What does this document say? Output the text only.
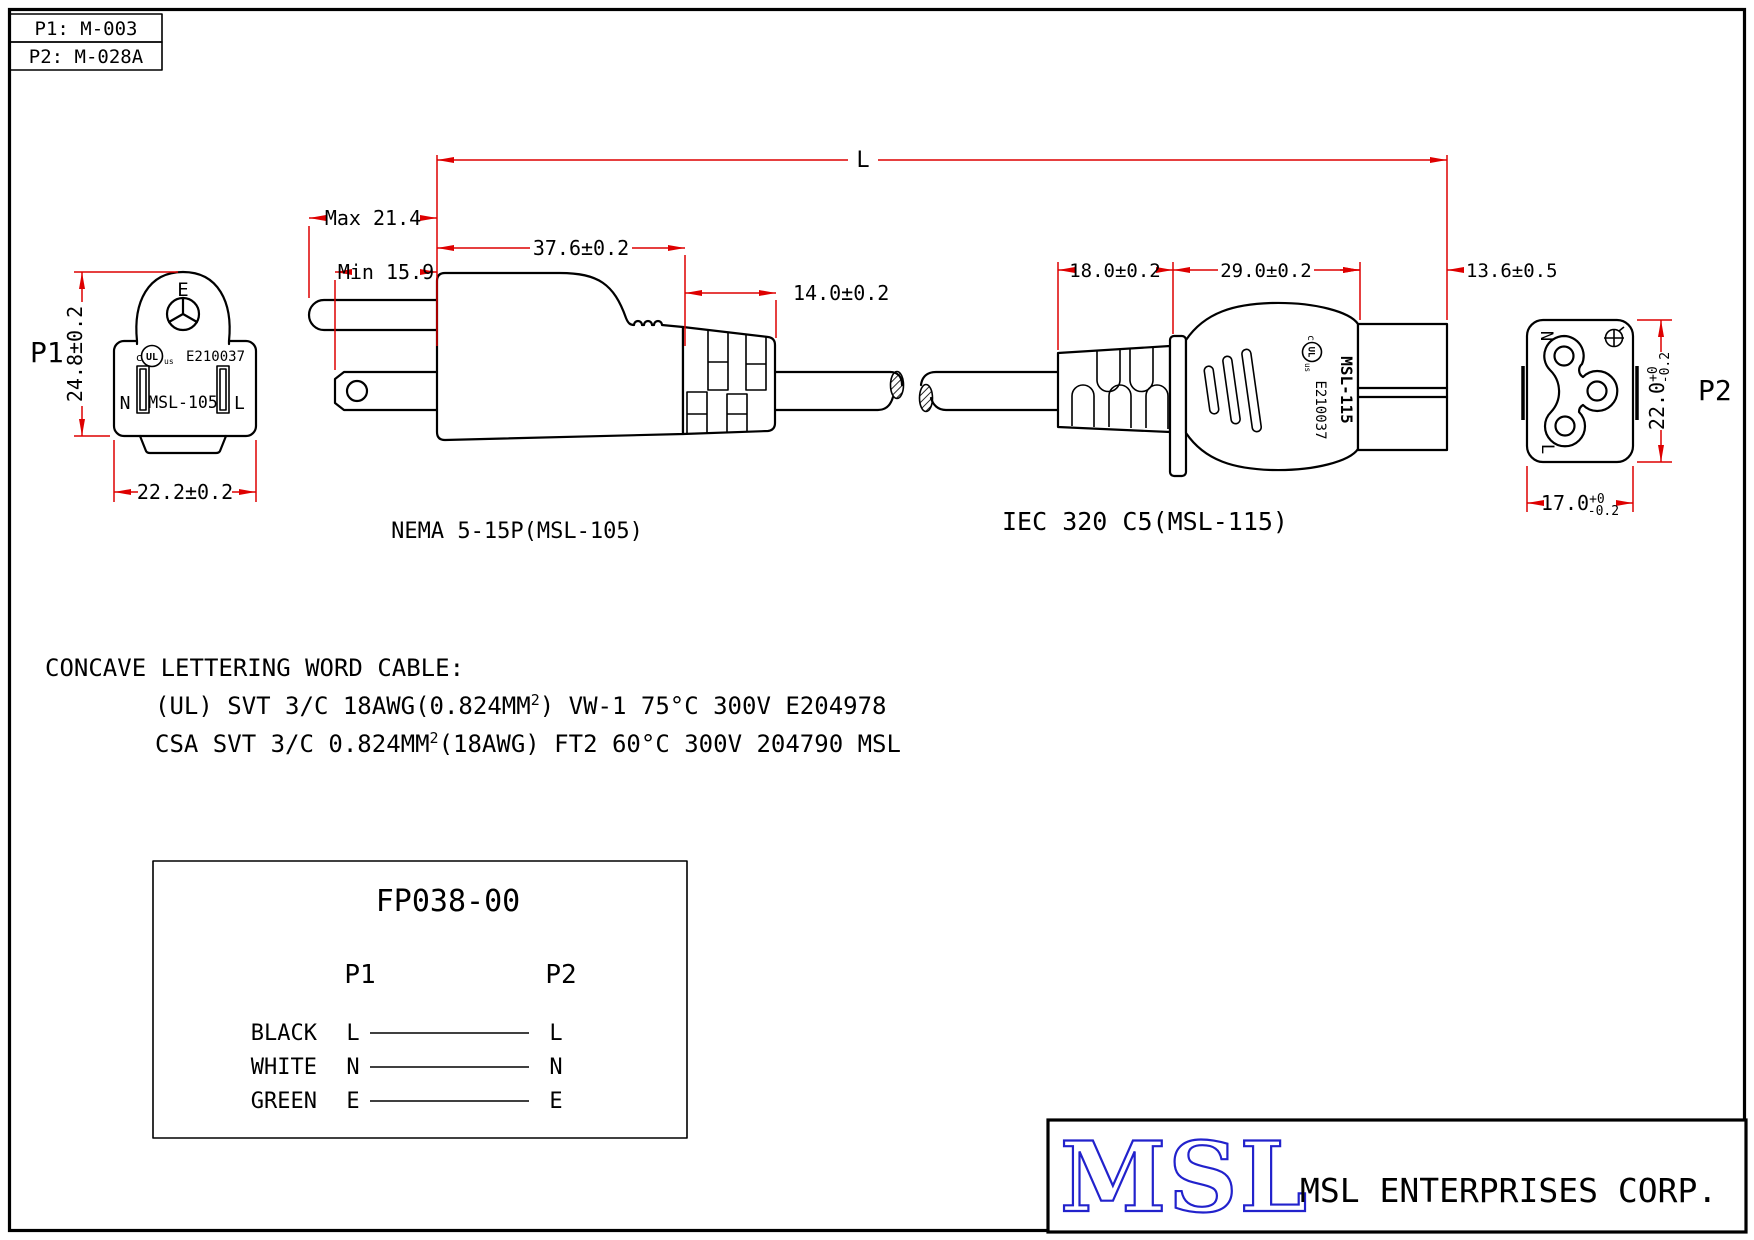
P1: M-003
P2: M-028A
P1
E
c UL us E210037
N MSL-105 L
24.8±0.2
22.2±0.2
Max 21.4
Min 15.9
37.6±0.2
14.0±0.2
L
NEMA 5-15P(MSL-105)
c
UL
us
E210037 MSL-115
18.0±0.2	29.0±0.2	13.6±0.5
IEC 320 C5(MSL-115)
N
L
$22.0^{+0}-0.2$
$17.0^{+0}$ -0.2
P2
CONCAVE LETTERING WORD CABLE:
(UL) SVT 3/C $18AWG(0.824MM^2)$ VW-1 75°C 300V E204978
CSA SVT 3/C $0.824MM^2(18AWG)$ FT2 60°C 300V 204790 MSL
FP038-00
P1	P2
BLACK L	L
WHITE N	N
GREEN E	E
MSL
MSL ENTERPRISES CORP.
